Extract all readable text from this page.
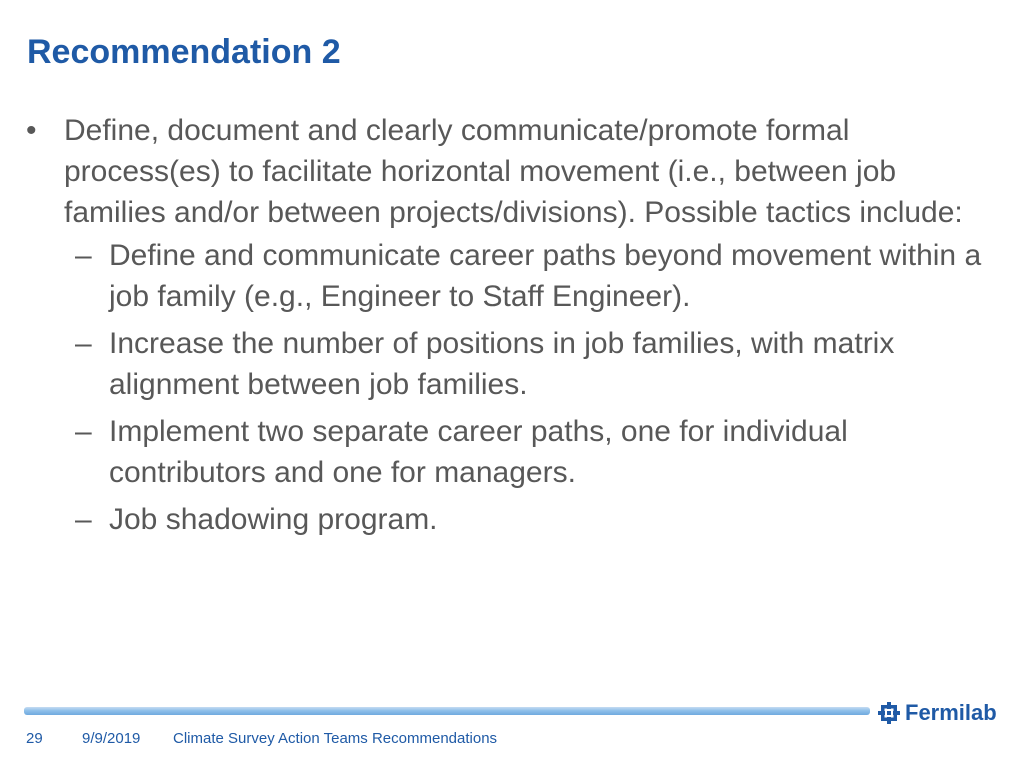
Recommendation 2
• Define, document and clearly communicate/promote formal process(es) to facilitate horizontal movement (i.e., between job families and/or between projects/divisions). Possible tactics include:
– Define and communicate career paths beyond movement within a job family (e.g., Engineer to Staff Engineer).
– Increase the number of positions in job families, with matrix alignment between job families.
– Implement two separate career paths, one for individual contributors and one for managers.
– Job shadowing program.
Fermilab
29	9/9/2019 Climate Survey Action Teams Recommendations
